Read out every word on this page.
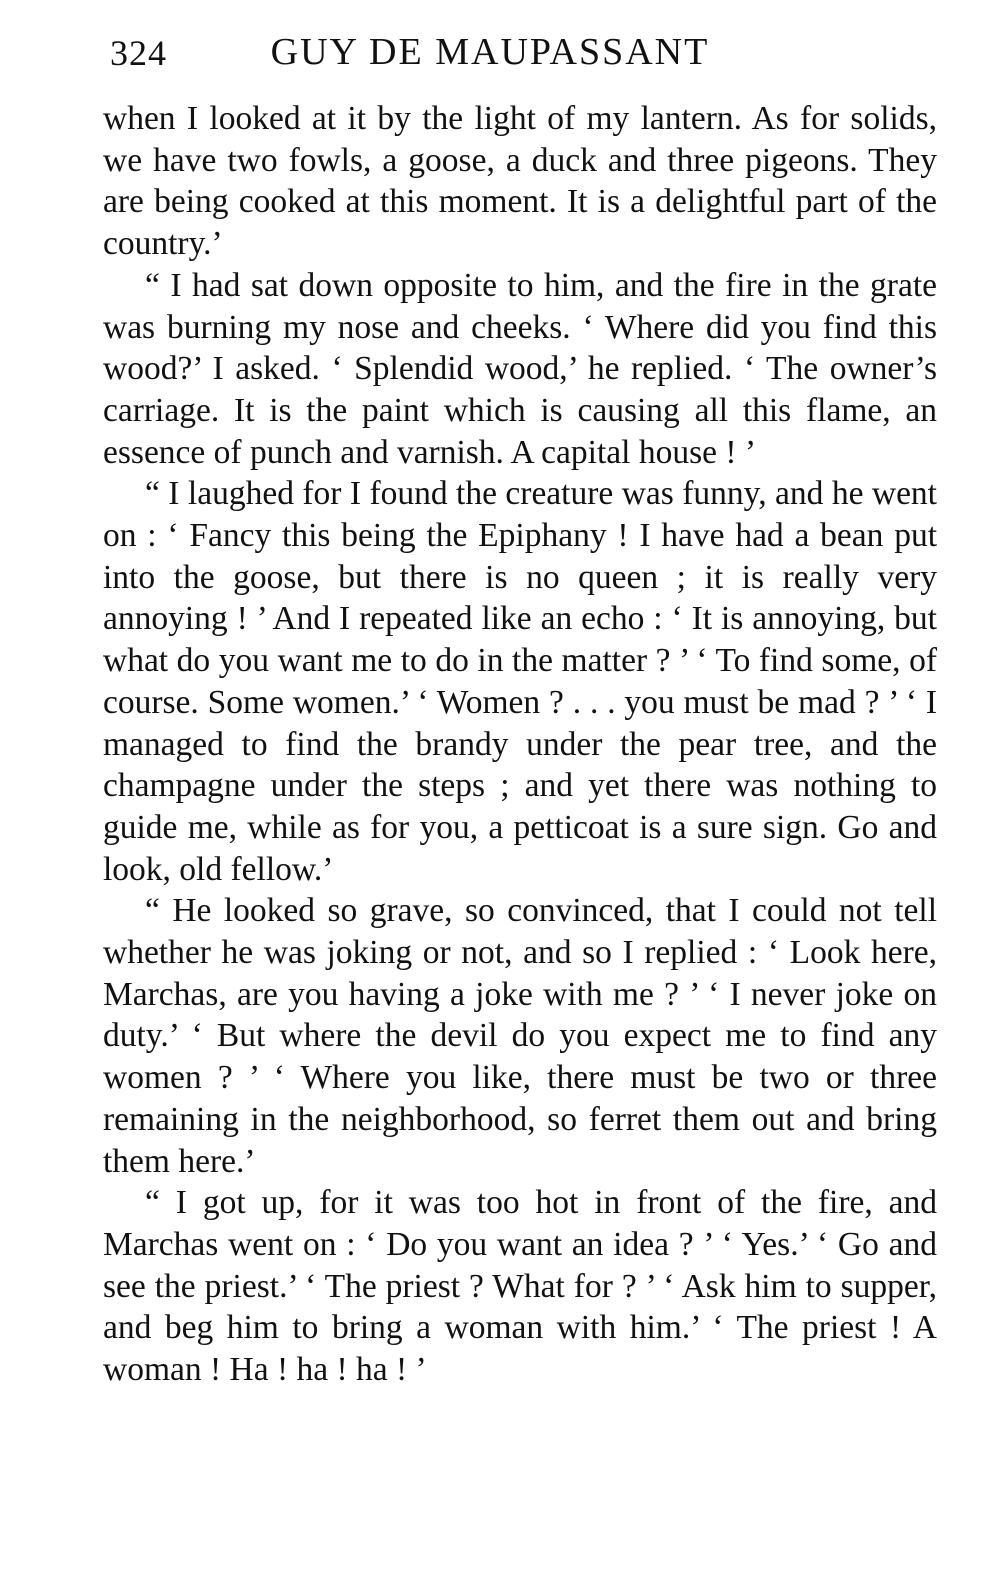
324	GUY DE MAUPASSANT

when I looked at it by the light of my lantern. As for solids, we have two fowls, a goose, a duck and three pigeons. They are being cooked at this moment. It is a delightful part of the country.’

“ I had sat down opposite to him, and the fire in the grate was burning my nose and cheeks. ‘ Where did you find this wood?’ I asked. ‘ Splendid wood,’ he replied. ‘ The owner’s carriage. It is the paint which is causing all this flame, an essence of punch and varnish. A capital house ! ’

“ I laughed for I found the creature was funny, and he went on : ‘ Fancy this being the Epiphany ! I have had a bean put into the goose, but there is no queen ; it is really very annoying ! ’ And I repeated like an echo : ‘ It is annoying, but what do you want me to do in the matter ? ’ ‘ To find some, of course. Some women.’ ‘ Women ? . . . you must be mad ? ’ ‘ I managed to find the brandy under the pear tree, and the champagne under the steps ; and yet there was nothing to guide me, while as for you, a petticoat is a sure sign. Go and look, old fellow.’

“ He looked so grave, so convinced, that I could not tell whether he was joking or not, and so I replied : ‘ Look here, Marchas, are you having a joke with me ? ’ ‘ I never joke on duty.’ ‘ But where the devil do you expect me to find any women ? ’ ‘ Where you like, there must be two or three remaining in the neighborhood, so ferret them out and bring them here.’

“ I got up, for it was too hot in front of the fire, and Marchas went on : ‘ Do you want an idea ? ’ ‘ Yes.’ ‘ Go and see the priest.’ ‘ The priest ? What for ? ’ ‘ Ask him to supper, and beg him to bring a woman with him.’ ‘ The priest ! A woman ! Ha ! ha ! ha ! ’
